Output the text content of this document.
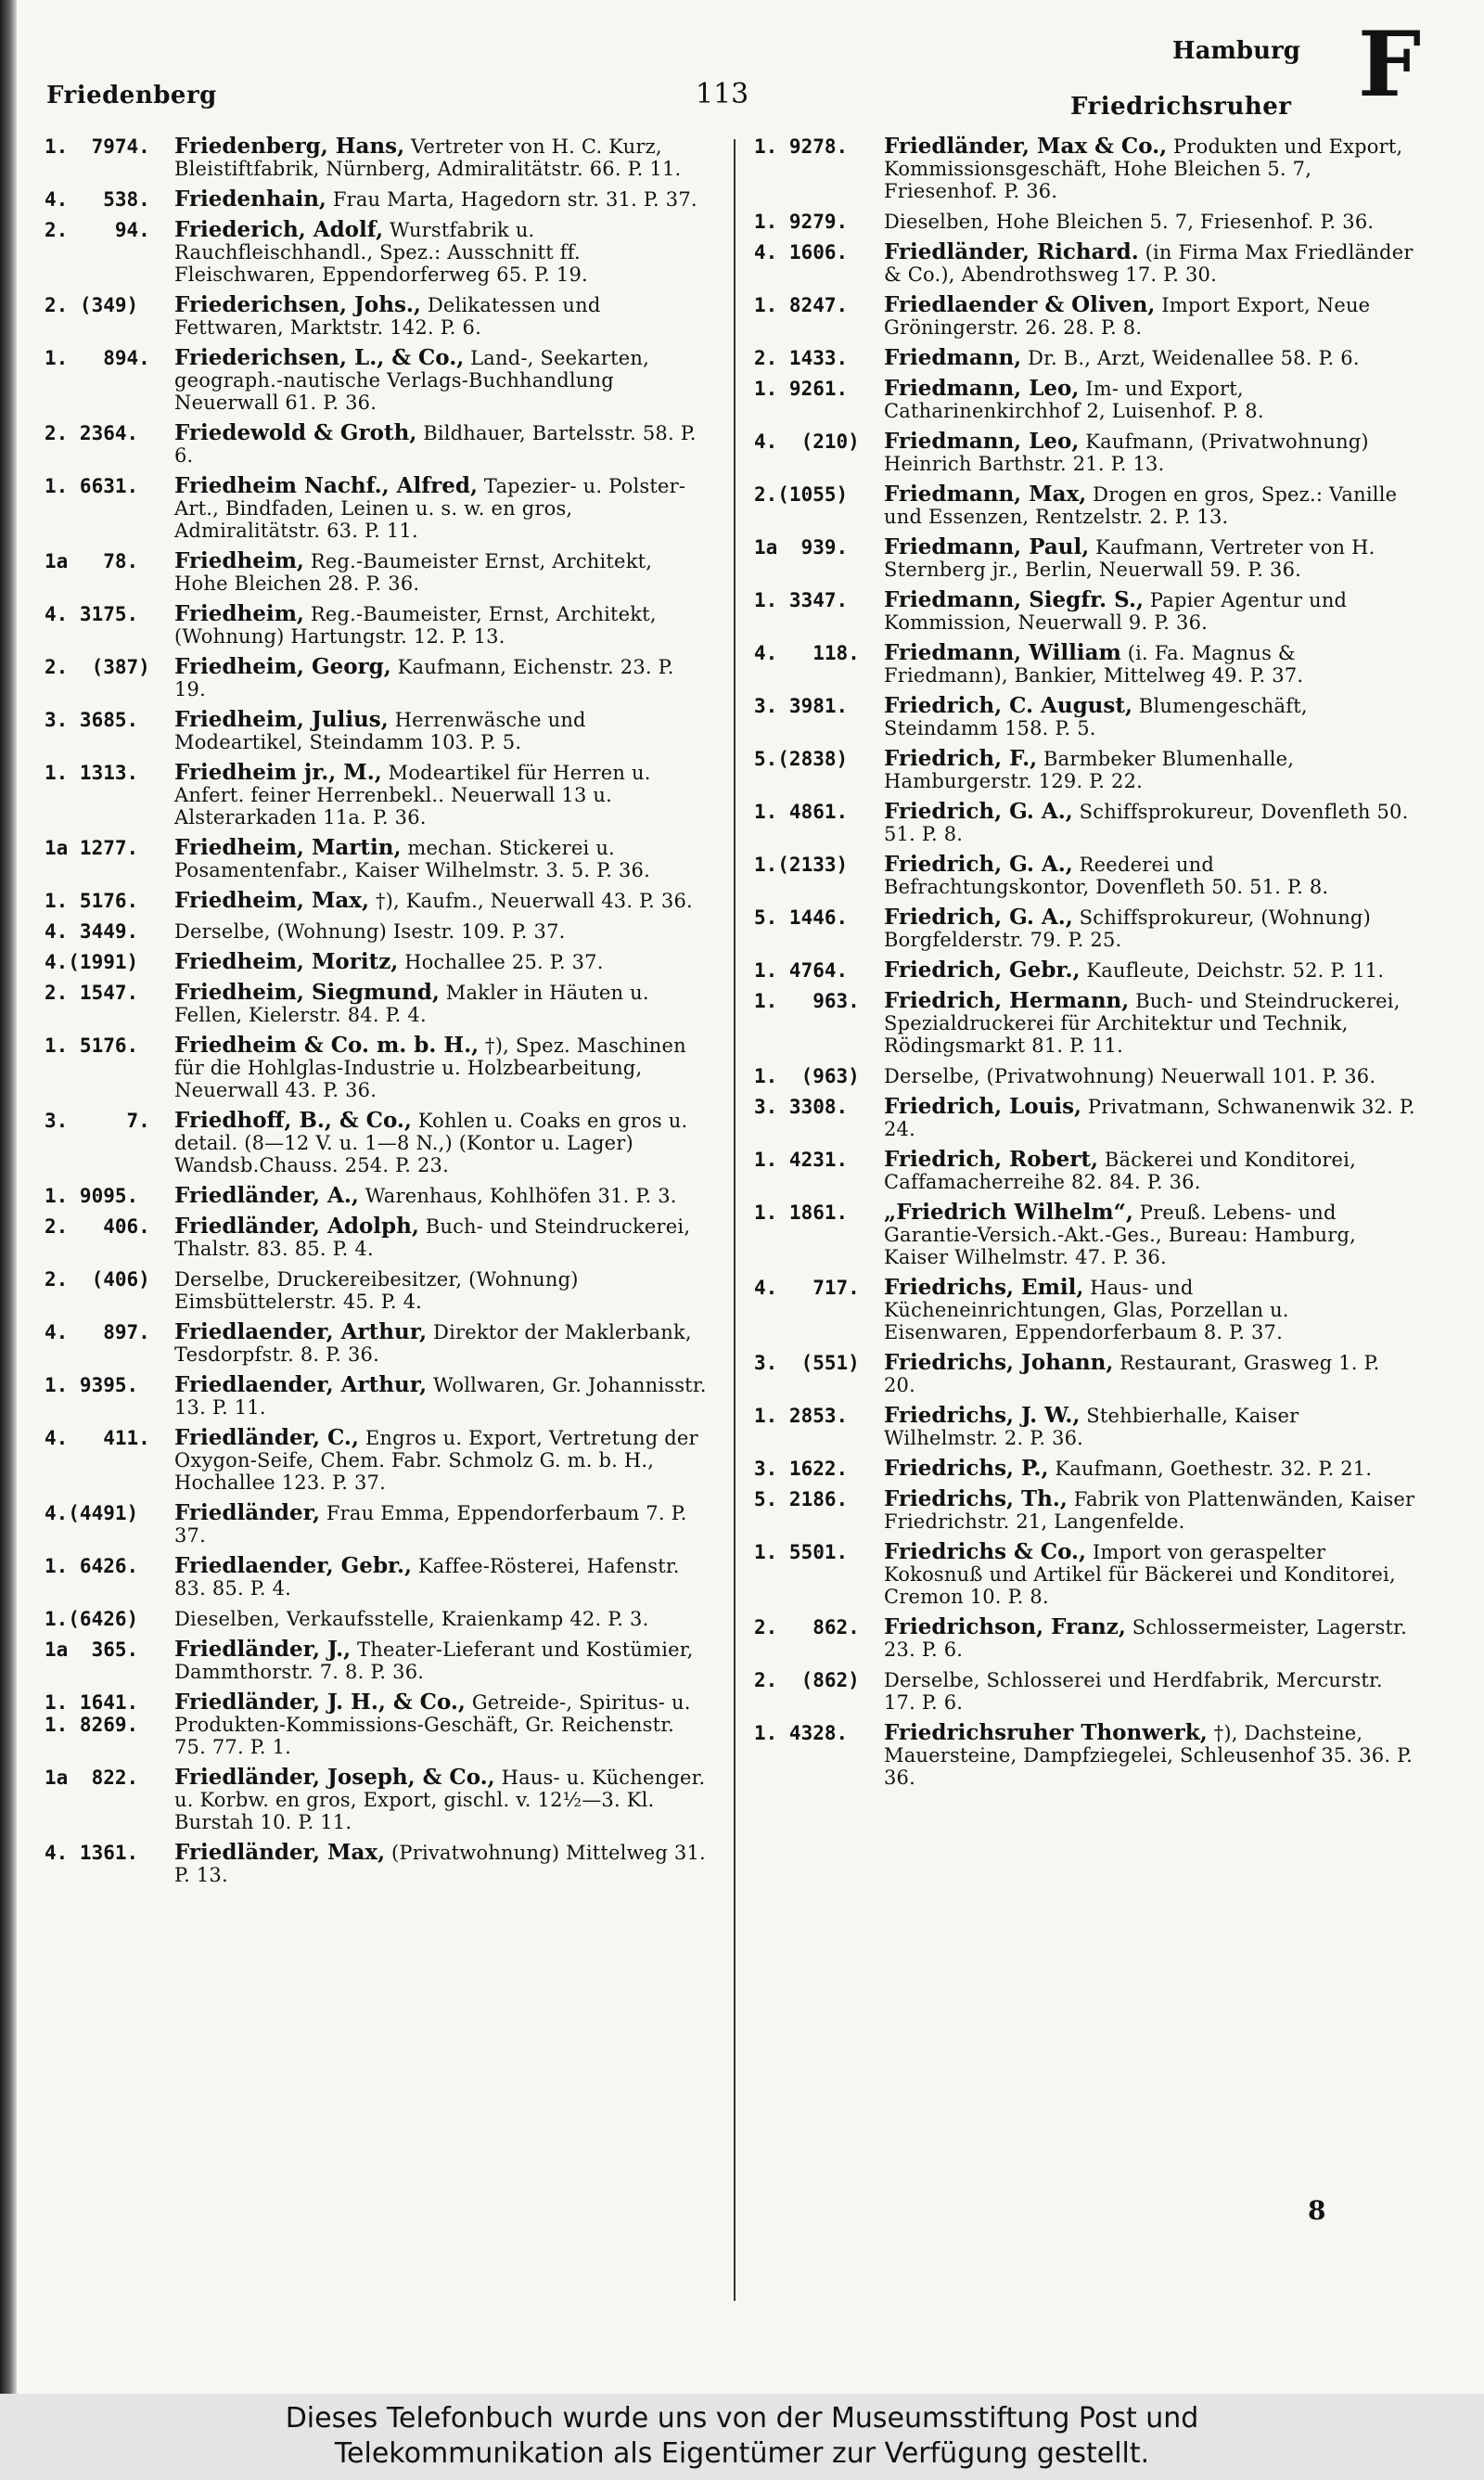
Friedenberg	113
Hamburg
Friedrichsruher F
1.  7974. Friedenberg, Hans, Vertreter von H. C. Kurz, Bleistiftfabrik, Nürnberg, Admiralitätstr. 66. P. 11.
4.   538. Friedenhain, Frau Marta, Hagedorn str. 31. P. 37.
2.    94. Friederich, Adolf, Wurstfabrik u. Rauchfleischhandl., Spez.: Ausschnitt ff. Fleischwaren, Eppendorferweg 65. P. 19.
2. (349) Friederichsen, Johs., Delikatessen und Fettwaren, Marktstr. 142. P. 6.
1.   894. Friederichsen, L., & Co., Land-, Seekarten, geograph.-nautische Verlags-Buchhandlung Neuerwall 61. P. 36.
2. 2364. Friedewold & Groth, Bildhauer, Bartelsstr. 58. P. 6.
1. 6631. Friedheim Nachf., Alfred, Tapezier- u. Polster-Art., Bindfaden, Leinen u. s. w. en gros, Admiralitätstr. 63. P. 11.
1a   78. Friedheim, Reg.-Baumeister Ernst, Architekt, Hohe Bleichen 28. P. 36.
4. 3175. Friedheim, Reg.-Baumeister, Ernst, Architekt, (Wohnung) Hartungstr. 12. P. 13.
2.  (387) Friedheim, Georg, Kaufmann, Eichenstr. 23. P. 19.
3. 3685. Friedheim, Julius, Herrenwäsche und Modeartikel, Steindamm 103. P. 5.
1. 1313. Friedheim jr., M., Modeartikel für Herren u. Anfert. feiner Herrenbekl.. Neuerwall 13 u. Alsterarkaden 11a. P. 36.
1a 1277. Friedheim, Martin, mechan. Stickerei u. Posamentenfabr., Kaiser Wilhelmstr. 3. 5. P. 36.
1. 5176. Friedheim, Max, †), Kaufm., Neuerwall 43. P. 36.
4. 3449. Derselbe, (Wohnung) Isestr. 109. P. 37.
4.(1991) Friedheim, Moritz, Hochallee 25. P. 37.
2. 1547. Friedheim, Siegmund, Makler in Häuten u. Fellen, Kielerstr. 84. P. 4.
1. 5176. Friedheim & Co. m. b. H., †), Spez. Maschinen für die Hohlglas-Industrie u. Holzbearbeitung, Neuerwall 43. P. 36.
3.     7. Friedhoff, B., & Co., Kohlen u. Coaks en gros u. detail. (8—12 V. u. 1—8 N.,) (Kontor u. Lager) Wandsb.Chauss. 254. P. 23.
1. 9095. Friedländer, A., Warenhaus, Kohlhöfen 31. P. 3.
2.   406. Friedländer, Adolph, Buch- und Steindruckerei, Thalstr. 83. 85. P. 4.
2.  (406) Derselbe, Druckereibesitzer, (Wohnung) Eimsbüttelerstr. 45. P. 4.
4.   897. Friedlaender, Arthur, Direktor der Maklerbank, Tesdorpfstr. 8. P. 36.
1. 9395. Friedlaender, Arthur, Wollwaren, Gr. Johannisstr. 13. P. 11.
4.   411. Friedländer, C., Engros u. Export, Vertretung der Oxygon-Seife, Chem. Fabr. Schmolz G. m. b. H., Hochallee 123. P. 37.
4.(4491) Friedländer, Frau Emma, Eppendorferbaum 7. P. 37.
1. 6426. Friedlaender, Gebr., Kaffee-Rösterei, Hafenstr. 83. 85. P. 4.
1.(6426) Dieselben, Verkaufsstelle, Kraienkamp 42. P. 3.
1a  365. Friedländer, J., Theater-Lieferant und Kostümier, Dammthorstr. 7. 8. P. 36.
1. 1641.
1. 8269.
Friedländer, J. H., & Co., Getreide-, Spiritus- u. Produkten-Kommissions-Geschäft, Gr. Reichenstr. 75. 77. P. 1.
1a  822. Friedländer, Joseph, & Co., Haus- u. Küchenger. u. Korbw. en gros, Export, gischl. v. 12½—3. Kl. Burstah 10. P. 11.
4. 1361. Friedländer, Max, (Privatwohnung) Mittelweg 31. P. 13.
1. 9278. Friedländer, Max & Co., Produkten und Export, Kommissionsgeschäft, Hohe Bleichen 5. 7, Friesenhof. P. 36.
1. 9279. Dieselben, Hohe Bleichen 5. 7, Friesenhof. P. 36.
4. 1606. Friedländer, Richard. (in Firma Max Friedländer & Co.), Abendrothsweg 17. P. 30.
1. 8247. Friedlaender & Oliven, Import Export, Neue Gröningerstr. 26. 28. P. 8.
2. 1433. Friedmann, Dr. B., Arzt, Weidenallee 58. P. 6.
1. 9261. Friedmann, Leo, Im- und Export, Catharinenkirchhof 2, Luisenhof. P. 8.
4.  (210) Friedmann, Leo, Kaufmann, (Privatwohnung) Heinrich Barthstr. 21. P. 13.
2.(1055) Friedmann, Max, Drogen en gros, Spez.: Vanille und Essenzen, Rentzelstr. 2. P. 13.
1a  939. Friedmann, Paul, Kaufmann, Vertreter von H. Sternberg jr., Berlin, Neuerwall 59. P. 36.
1. 3347. Friedmann, Siegfr. S., Papier Agentur und Kommission, Neuerwall 9. P. 36.
4.   118. Friedmann, William (i. Fa. Magnus & Friedmann), Bankier, Mittelweg 49. P. 37.
3. 3981. Friedrich, C. August, Blumengeschäft, Steindamm 158. P. 5.
5.(2838) Friedrich, F., Barmbeker Blumenhalle, Hamburgerstr. 129. P. 22.
1. 4861. Friedrich, G. A., Schiffsprokureur, Dovenfleth 50. 51. P. 8.
1.(2133) Friedrich, G. A., Reederei und Befrachtungskontor, Dovenfleth 50. 51. P. 8.
5. 1446. Friedrich, G. A., Schiffsprokureur, (Wohnung) Borgfelderstr. 79. P. 25.
1. 4764. Friedrich, Gebr., Kaufleute, Deichstr. 52. P. 11.
1.   963. Friedrich, Hermann, Buch- und Steindruckerei, Spezialdruckerei für Architektur und Technik, Rödingsmarkt 81. P. 11.
1.  (963) Derselbe, (Privatwohnung) Neuerwall 101. P. 36.
3. 3308. Friedrich, Louis, Privatmann, Schwanenwik 32. P. 24.
1. 4231. Friedrich, Robert, Bäckerei und Konditorei, Caffamacherreihe 82. 84. P. 36.
1. 1861. „Friedrich Wilhelm“, Preuß. Lebens- und Garantie-Versich.-Akt.-Ges., Bureau: Hamburg, Kaiser Wilhelmstr. 47. P. 36.
4.   717. Friedrichs, Emil, Haus- und Kücheneinrichtungen, Glas, Porzellan u. Eisenwaren, Eppendorferbaum 8. P. 37.
3.  (551) Friedrichs, Johann, Restaurant, Grasweg 1. P. 20.
1. 2853. Friedrichs, J. W., Stehbierhalle, Kaiser Wilhelmstr. 2. P. 36.
3. 1622. Friedrichs, P., Kaufmann, Goethestr. 32. P. 21.
5. 2186. Friedrichs, Th., Fabrik von Plattenwänden, Kaiser Friedrichstr. 21, Langenfelde.
1. 5501. Friedrichs & Co., Import von geraspelter Kokosnuß und Artikel für Bäckerei und Konditorei, Cremon 10. P. 8.
2.   862. Friedrichson, Franz, Schlossermeister, Lagerstr. 23. P. 6.
2.  (862) Derselbe, Schlosserei und Herdfabrik, Mercurstr. 17. P. 6.
1. 4328. Friedrichsruher Thonwerk, †), Dachsteine, Mauersteine, Dampfziegelei, Schleusenhof 35. 36. P. 36.
8
Dieses Telefonbuch wurde uns von der Museumsstiftung Post und
Telekommunikation als Eigentümer zur Verfügung gestellt.
